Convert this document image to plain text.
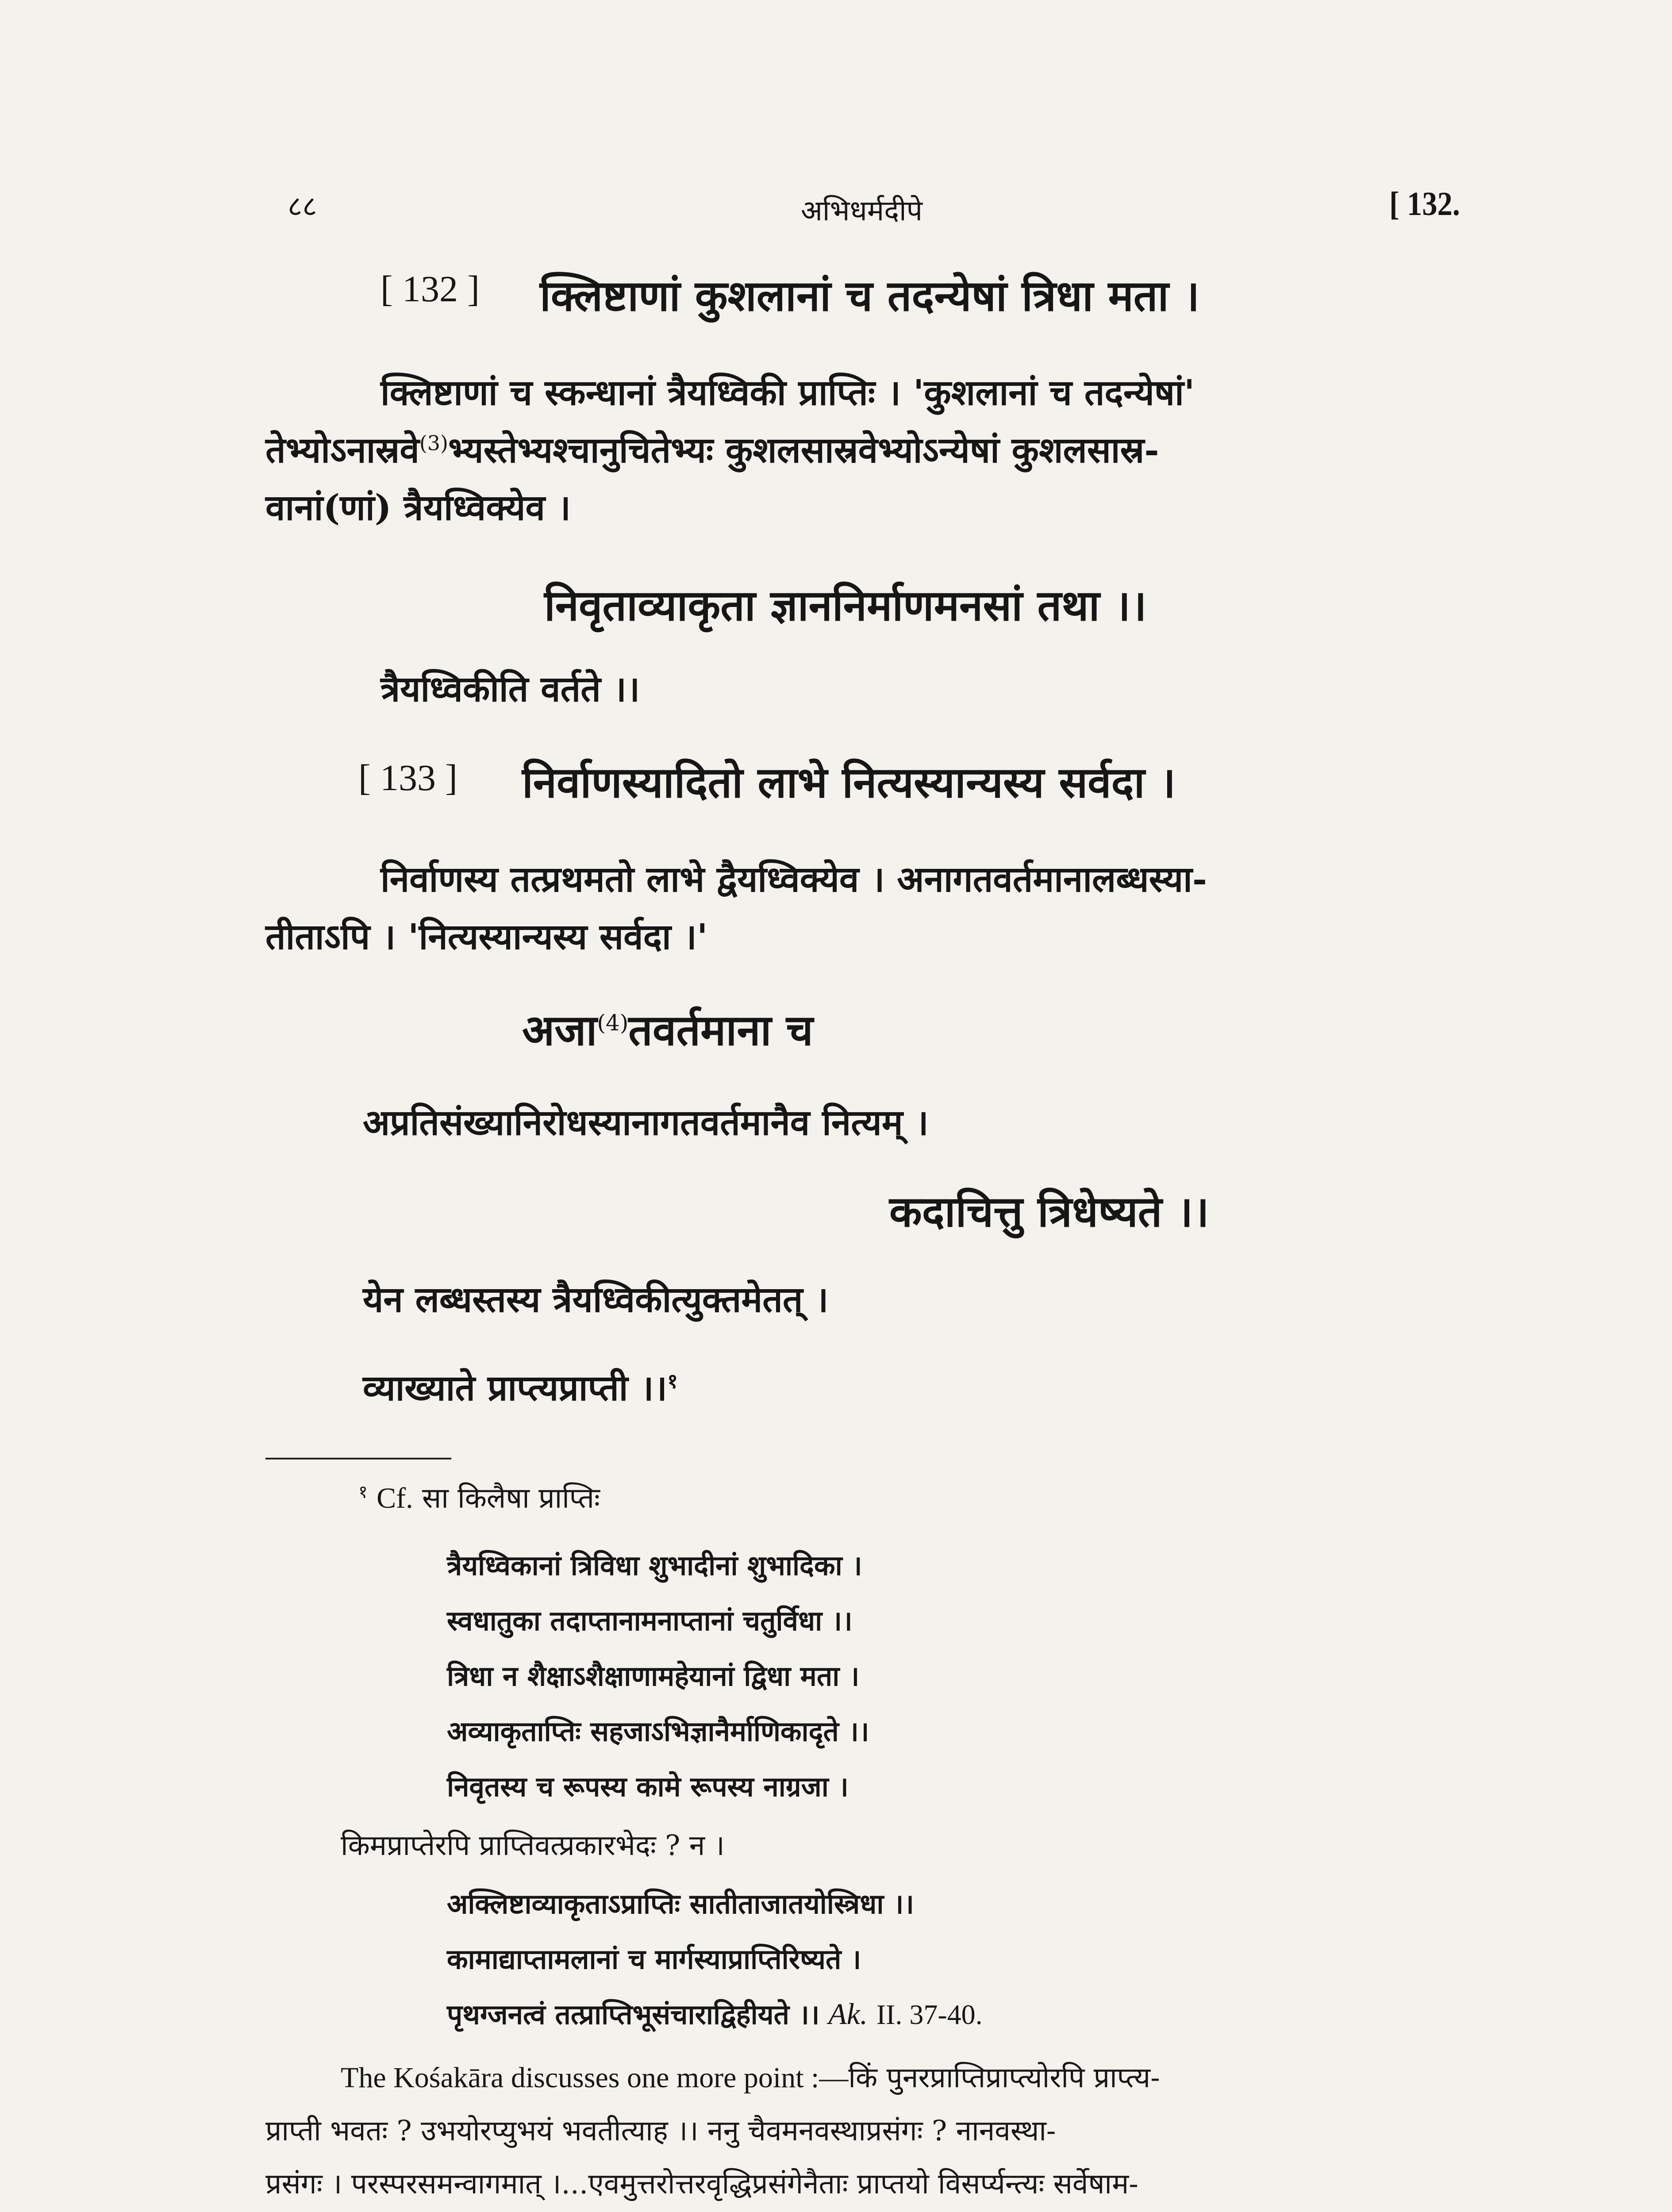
८८	अभिधर्मदीपे	[ 132.
[ 132 ] क्लिष्टाणां कुशलानां च तदन्येषां त्रिधा मता ।
क्लिष्टाणां च स्कन्धानां त्रैयध्विकी प्राप्तिः । 'कुशलानां च तदन्येषां'
तेभ्योऽनास्रवे$^{(3)}$भ्यस्तेभ्यश्चानुचितेभ्यः कुशलसास्रवेभ्योऽन्येषां कुशलसास्र-
वानां(णां) त्रैयध्विक्येव ।
निवृताव्याकृता ज्ञाननिर्माणमनसां तथा ।।
त्रैयध्विकीति वर्तते ।।
[ 133 ] निर्वाणस्यादितो लाभे नित्यस्यान्यस्य सर्वदा ।
निर्वाणस्य तत्प्रथमतो लाभे द्वैयध्विक्येव । अनागतवर्तमानालब्धस्या-
तीताऽपि । 'नित्यस्यान्यस्य सर्वदा ।'
अजा$^{(4)}$तवर्तमाना च
अप्रतिसंख्यानिरोधस्यानागतवर्तमानैव नित्यम् ।
कदाचित्तु त्रिधेष्यते ।।
येन लब्धस्तस्य त्रैयध्विकीत्युक्तमेतत् ।
व्याख्याते प्राप्त्यप्राप्ती ।।$^१$
$^१$ Cf. सा किलैषा प्राप्तिः
त्रैयध्विकानां त्रिविधा शुभादीनां शुभादिका ।
स्वधातुका तदाप्तानामनाप्तानां चतुर्विधा ।।
त्रिधा न शैक्षाऽशैक्षाणामहेयानां द्विधा मता ।
अव्याकृताप्तिः सहजाऽभिज्ञानैर्माणिकादृते ।।
निवृतस्य च रूपस्य कामे रूपस्य नाग्रजा ।
किमप्राप्तेरपि प्राप्तिवत्प्रकारभेदः ? न ।
अक्लिष्टाव्याकृताऽप्राप्तिः सातीताजातयोस्त्रिधा ।।
कामाद्याप्तामलानां च मार्गस्याप्राप्तिरिष्यते ।
पृथग्जनत्वं तत्प्राप्तिभूसंचाराद्विहीयते ।। Ak. II. 37-40.
The Kośakāra discusses one more point :—किं पुनरप्राप्तिप्राप्त्योरपि प्राप्त्य-
प्राप्ती भवतः ? उभयोरप्युभयं भवतीत्याह ।। ननु चैवमनवस्थाप्रसंगः ? नानवस्था-
प्रसंगः । परस्परसमन्वागमात् ।...एवमुत्तरोत्तरवृद्धिप्रसंगेनैताः प्राप्तयो विसर्प्यन्त्यः सर्वेषाम-
